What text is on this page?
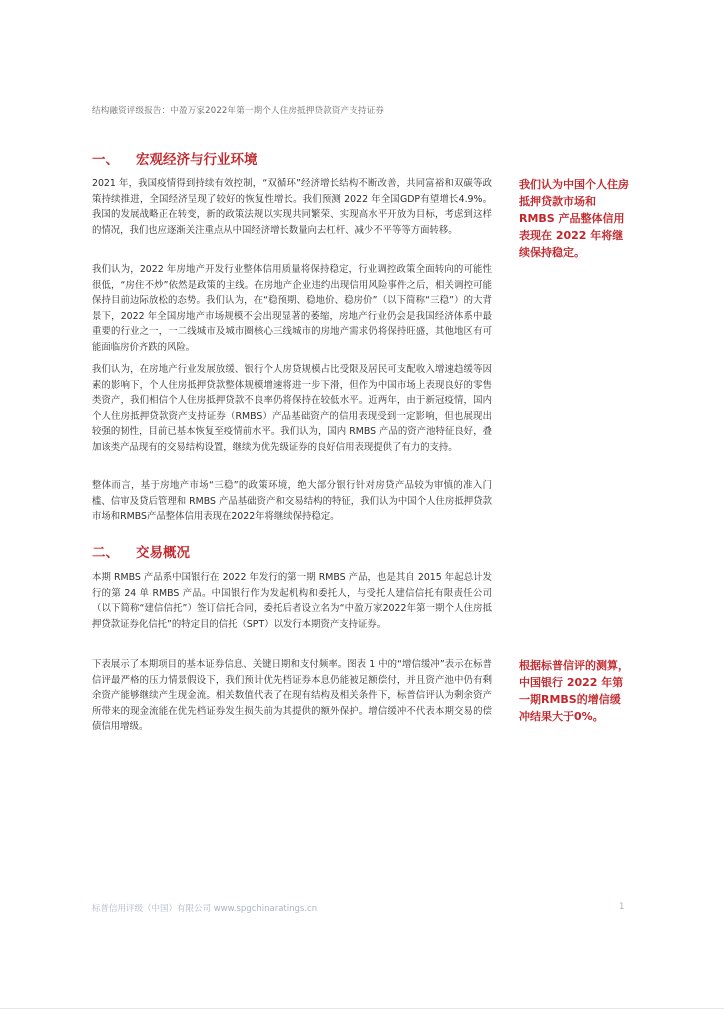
结构融资评级报告：中盈万家2022年第一期个人住房抵押贷款资产支持证券
一、 宏观经济与行业环境

2021 年，我国疫情得到持续有效控制，“双循环”经济增长结构不断改善，共同富裕和双碳等政策持续推进，全国经济呈现了较好的恢复性增长。我们预测 2022 年全国GDP有望增长4.9%。我国的发展战略正在转变，新的政策法规以实现共同繁荣、实现高水平开放为目标，考虑到这样的情况，我们也应逐渐关注重点从中国经济增长数量向去杠杆、减少不平等等方面转移。

我们认为，2022 年房地产开发行业整体信用质量将保持稳定，行业调控政策全面转向的可能性很低，“房住不炒”依然是政策的主线。在房地产企业违约出现信用风险事件之后，相关调控可能保持目前边际放松的态势。我们认为，在“稳预期、稳地价、稳房价”（以下简称“三稳”）的大背景下，2022 年全国房地产市场规模不会出现显著的萎缩，房地产行业仍会是我国经济体系中最重要的行业之一，一二线城市及城市圈核心三线城市的房地产需求仍将保持旺盛，其他地区有可能面临房价齐跌的风险。

我们认为，在房地产行业发展放缓、银行个人房贷规模占比受限及居民可支配收入增速趋缓等因素的影响下，个人住房抵押贷款整体规模增速将进一步下滑，但作为中国市场上表现良好的零售类资产，我们相信个人住房抵押贷款不良率仍将保持在较低水平。近两年，由于新冠疫情，国内个人住房抵押贷款资产支持证券（RMBS）产品基础资产的信用表现受到一定影响，但也展现出较强的韧性，目前已基本恢复至疫情前水平。我们认为，国内 RMBS 产品的资产池特征良好，叠加该类产品现有的交易结构设置，继续为优先级证券的良好信用表现提供了有力的支持。

整体而言，基于房地产市场“三稳”的政策环境，绝大部分银行针对房贷产品较为审慎的准入门槛、信审及贷后管理和 RMBS 产品基础资产和交易结构的特征，我们认为中国个人住房抵押贷款市场和RMBS产品整体信用表现在2022年将继续保持稳定。

二、 交易概况

本期 RMBS 产品系中国银行在 2022 年发行的第一期 RMBS 产品，也是其自 2015 年起总计发行的第 24 单 RMBS 产品。中国银行作为发起机构和委托人，与受托人建信信托有限责任公司（以下简称“建信信托”）签订信托合同，委托后者设立名为“中盈万家2022年第一期个人住房抵押贷款证券化信托”的特定目的信托（SPT）以发行本期资产支持证券。

下表展示了本期项目的基本证券信息、关键日期和支付频率。图表 1 中的“增信缓冲”表示在标普信评最严格的压力情景假设下，我们预计优先档证券本息仍能被足额偿付，并且资产池中仍有剩余资产能够继续产生现金流。相关数值代表了在现有结构及相关条件下，标普信评认为剩余资产所带来的现金流能在优先档证券发生损失前为其提供的额外保护。增信缓冲不代表本期交易的偿债信用增级。

我们认为中国个人住房抵押贷款市场和 RMBS 产品整体信用表现在 2022 年将继续保持稳定。

根据标普信评的测算，中国银行 2022 年第一期RMBS的增信缓冲结果大于0%。

标普信用评级（中国）有限公司 www.spgchinaratings.cn	1
